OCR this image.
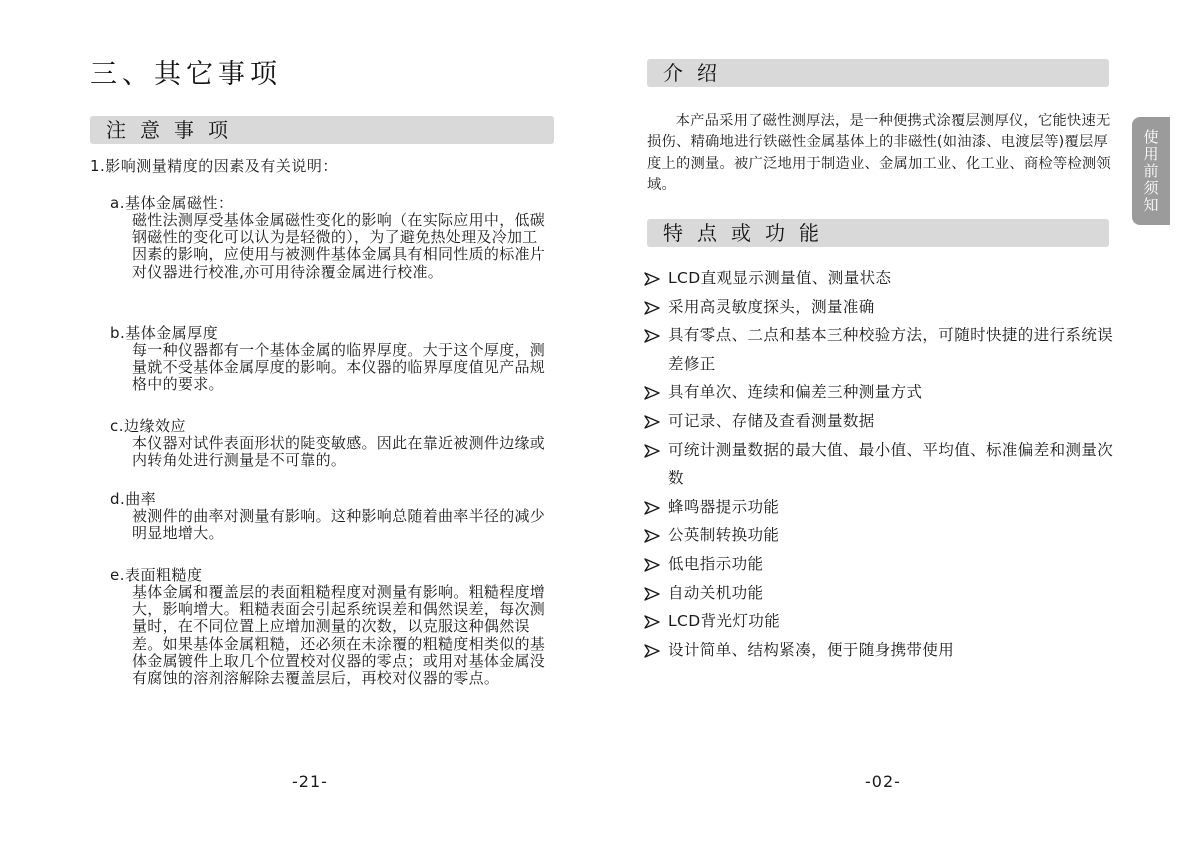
三、其它事项
注意事项
1.影响测量精度的因素及有关说明：
a.基体金属磁性：
磁性法测厚受基体金属磁性变化的影响（在实际应用中，低碳钢磁性的变化可以认为是轻微的），为了避免热处理及冷加工因素的影响，应使用与被测件基体金属具有相同性质的标准片对仪器进行校准,亦可用待涂覆金属进行校准。
b.基体金属厚度
每一种仪器都有一个基体金属的临界厚度。大于这个厚度，测量就不受基体金属厚度的影响。本仪器的临界厚度值见产品规格中的要求。
c.边缘效应
本仪器对试件表面形状的陡变敏感。因此在靠近被测件边缘或内转角处进行测量是不可靠的。
d.曲率
被测件的曲率对测量有影响。这种影响总随着曲率半径的减少明显地增大。
e.表面粗糙度
基体金属和覆盖层的表面粗糙程度对测量有影响。粗糙程度增大，影响增大。粗糙表面会引起系统误差和偶然误差，每次测量时，在不同位置上应增加测量的次数，以克服这种偶然误差。如果基体金属粗糙，还必须在未涂覆的粗糙度相类似的基体金属镀件上取几个位置校对仪器的零点；或用对基体金属没有腐蚀的溶剂溶解除去覆盖层后，再校对仪器的零点。
-21-
介绍
本产品采用了磁性测厚法，是一种便携式涂覆层测厚仪，它能快速无损伤、精确地进行铁磁性金属基体上的非磁性(如油漆、电渡层等)覆层厚度上的测量。被广泛地用于制造业、金属加工业、化工业、商检等检测领域。
特点或功能
LCD直观显示测量值、测量状态
采用高灵敏度探头，测量准确
具有零点、二点和基本三种校验方法，可随时快捷的进行系统误差修正
具有单次、连续和偏差三种测量方式
可记录、存储及查看测量数据
可统计测量数据的最大值、最小值、平均值、标准偏差和测量次数
蜂鸣器提示功能
公英制转换功能
低电指示功能
自动关机功能
LCD背光灯功能
设计简单、结构紧凑，便于随身携带使用
使用前须知
-02-
